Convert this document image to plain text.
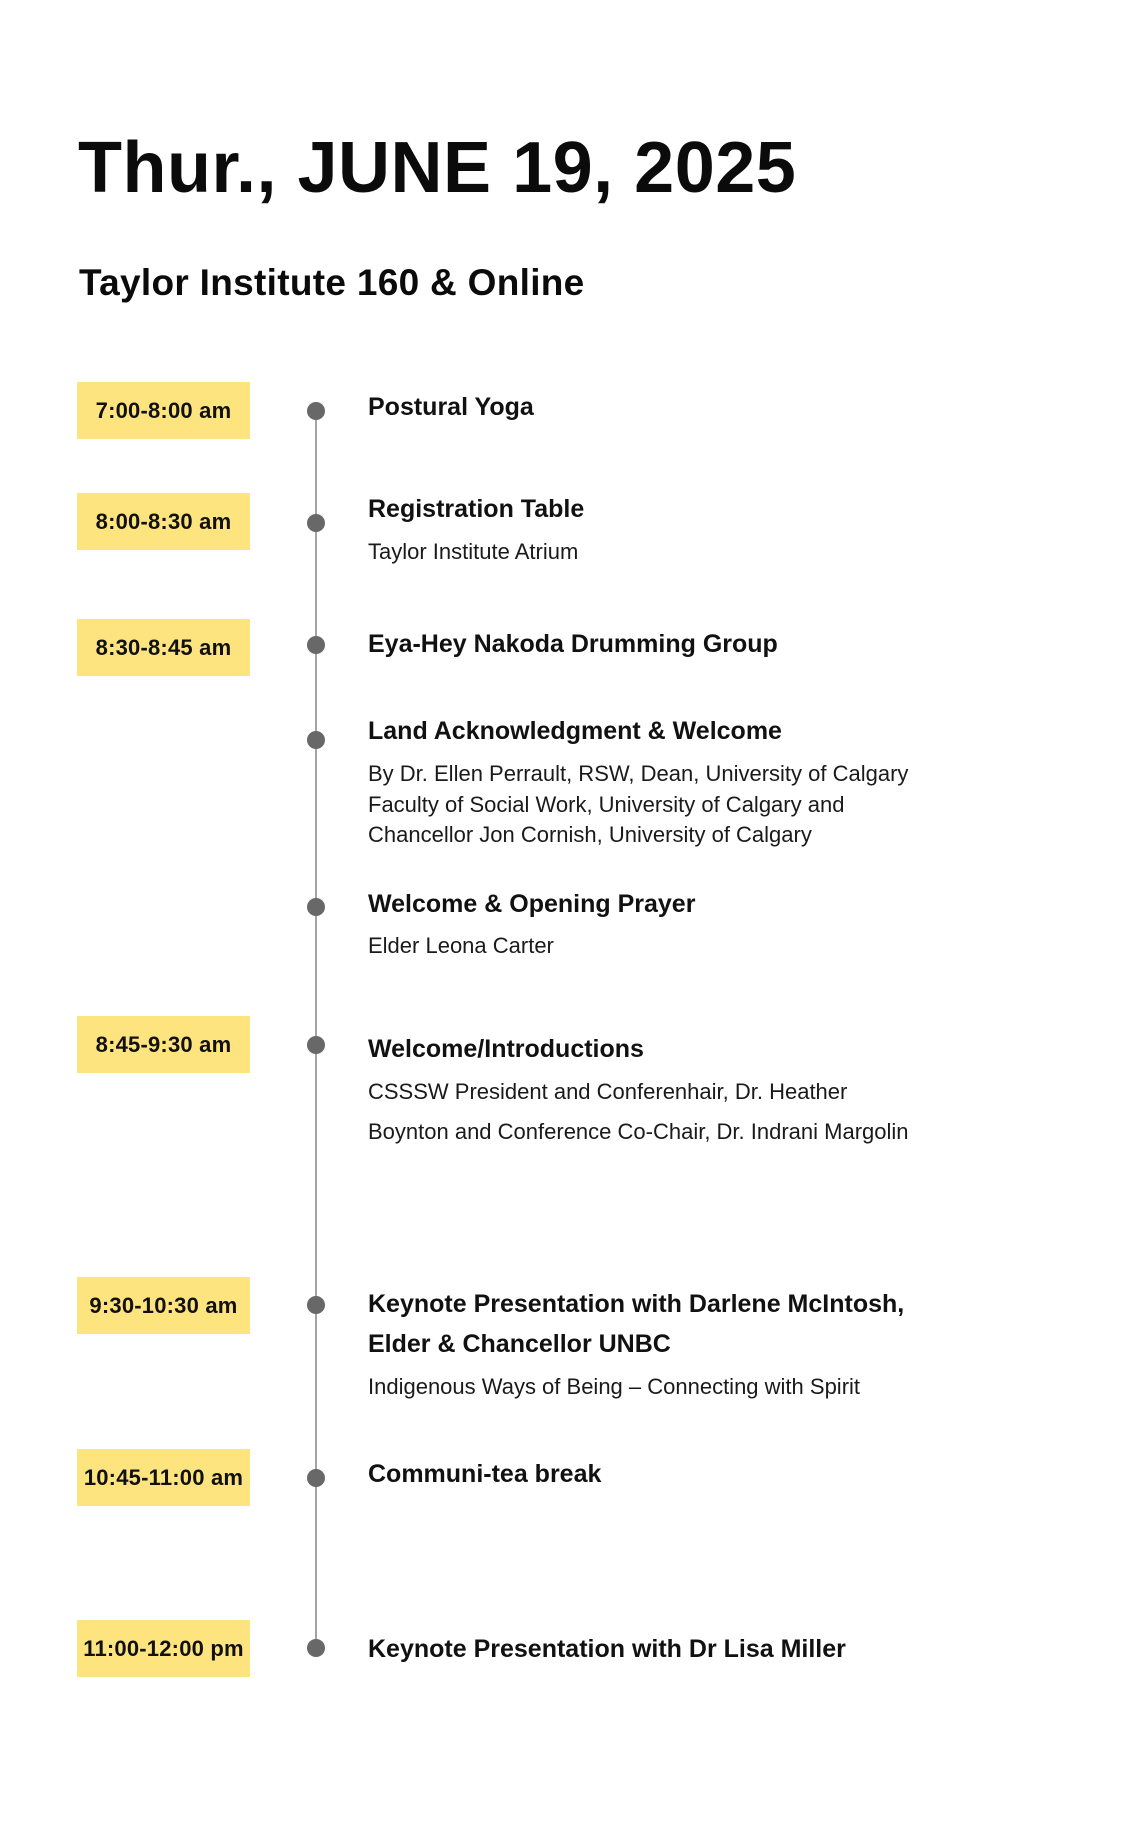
Thur., JUNE 19, 2025
Taylor Institute 160 & Online
7:00-8:00 am	Postural Yoga
8:00-8:30 am	Registration Table
Taylor Institute Atrium
8:30-8:45 am	Eya-Hey Nakoda Drumming Group
Land Acknowledgment & Welcome
By Dr. Ellen Perrault, RSW, Dean, University of Calgary
Faculty of Social Work, University of Calgary and
Chancellor Jon Cornish, University of Calgary
Welcome & Opening Prayer
Elder Leona Carter
8:45-9:30 am	Welcome/Introductions
CSSSW President and Conferenhair, Dr. Heather
Boynton and Conference Co-Chair, Dr. Indrani Margolin
9:30-10:30 am	Keynote Presentation with Darlene McIntosh,
Elder & Chancellor UNBC
Indigenous Ways of Being – Connecting with Spirit
10:45-11:00 am	Communi-tea break
11:00-12:00 pm	Keynote Presentation with Dr Lisa Miller
